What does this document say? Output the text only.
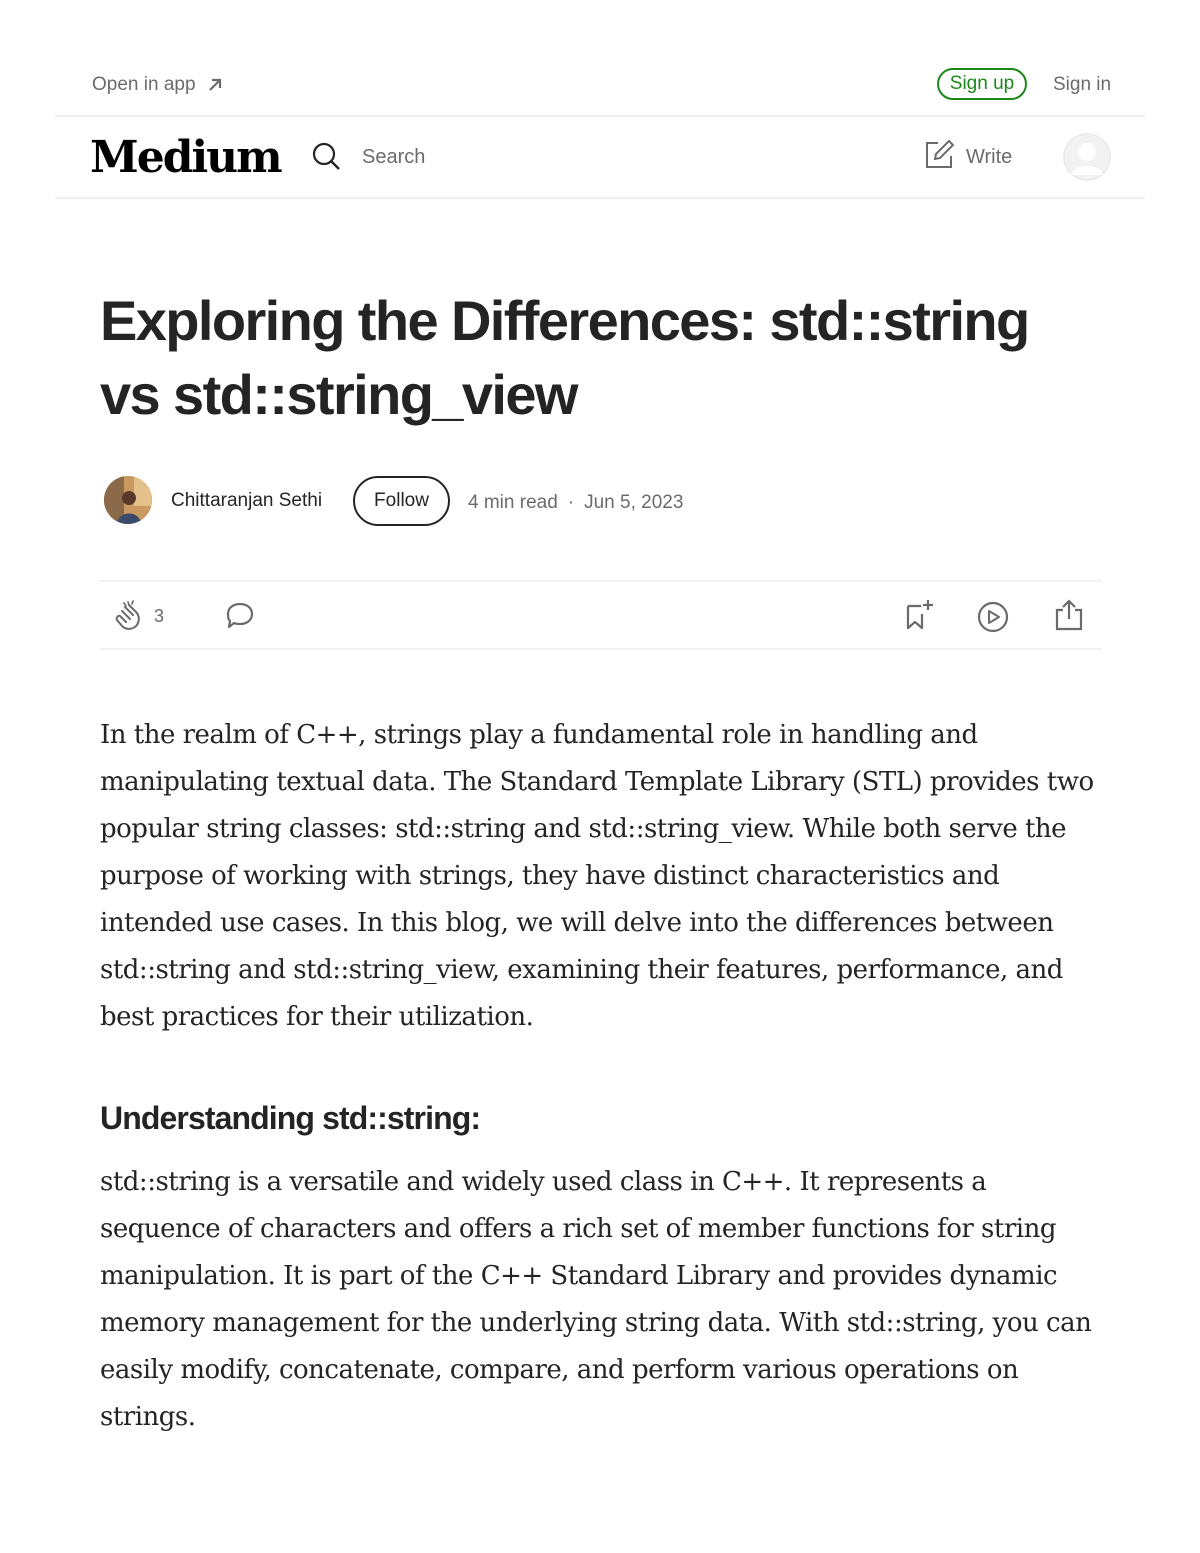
Open in app	Sign up	Sign in
Medium	Search	Write
Exploring the Differences: std::string vs std::string_view
Chittaranjan Sethi	Follow	4 min read · Jun 5, 2023
3

In the realm of C++, strings play a fundamental role in handling and manipulating textual data. The Standard Template Library (STL) provides two popular string classes: std::string and std::string_view. While both serve the purpose of working with strings, they have distinct characteristics and intended use cases. In this blog, we will delve into the differences between std::string and std::string_view, examining their features, performance, and best practices for their utilization.

Understanding std::string:

std::string is a versatile and widely used class in C++. It represents a sequence of characters and offers a rich set of member functions for string manipulation. It is part of the C++ Standard Library and provides dynamic memory management for the underlying string data. With std::string, you can easily modify, concatenate, compare, and perform various operations on strings.
